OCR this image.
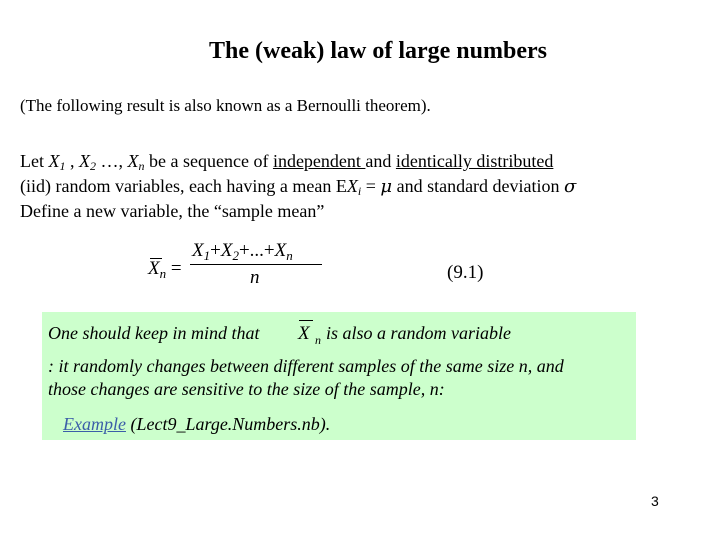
The (weak) law of large numbers
(The following result is also known as a Bernoulli theorem).
Let $X_1$ , $X_2$ …, $X_n$ be a sequence of independent and identically distributed
(iid) random variables, each having a mean $EX_i = \mu$ and standard deviation σ
Define a new variable, the “sample mean”
$X_n$ =
$X_1+X_2+...+X_n$
n	(9.1)
One should keep in mind that X n is also a random variable
: it randomly changes between different samples of the same size n, and
those changes are sensitive to the size of the sample, n:
Example (Lect9_Large.Numbers.nb).
3
